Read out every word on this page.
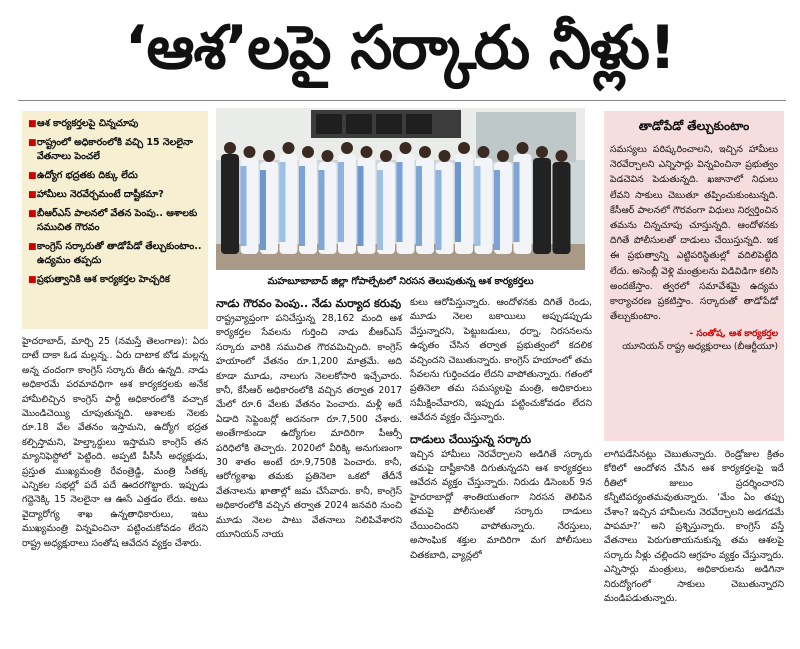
‘ఆశ’లపై సర్కారు నీళ్లు!
■ ఆశ కార్యకర్తలపై చిన్నచూపు
■ రాష్ట్రంలో అధికారంలోకి వచ్చి 15 నెలలైనా వేతనాలు పెంచలే
■ ఉద్యోగ భద్రతకు దిక్కు లేదు
■ హామీలు నెరవేర్చమంటే దాష్టీకమా?
■ బీఆర్ఎస్ పాలనలో వేతన పెంపు.. ఆశాలకు సముచిత గౌరవం
■ కాంగ్రెస్ సర్కారుతో తాడోపేడో తేల్చుకుంటాం.. ఉద్యమం తప్పదు
■ ప్రభుత్వానికి ఆశ కార్యకర్తల హెచ్చరిక	మహబూబాబాద్ జిల్లా గోపాల్పేటలో నిరసన తెలుపుతున్న ఆశ కార్యకర్తలు
హైదరాబాద్, మార్చి 25 (నమస్తే తెలంగాణ): ఏరు దాటే దాకా ఓడ మల్లన్న.. ఏరు దాటాక బోడ మల్లన్న అన్న చందంగా కాంగ్రెస్ సర్కారు తీరు ఉన్నది. నాడు అధికారమే పరమావధిగా ఆశ కార్యకర్తలకు అనేక హామీలిచ్చిన కాంగ్రెస్ పార్టీ అధికారంలోకి వచ్చాక మొండిచెయ్యి చూపుతున్నది. ఆశాలకు నెలకు రూ.18 వేల వేతనం ఇస్తామని, ఉద్యోగ భద్రత కల్పిస్తామని, హెల్త్కార్డులు ఇస్తామని కాంగ్రెస్ తన మ్యానిఫెస్టోలో పెట్టింది. అప్పటి పీసీసీ అధ్యక్షుడు, ప్రస్తుత ముఖ్యమంత్రి రేవంత్రెడ్డి, మంత్రి సీతక్క ఎన్నికల సభల్లో పదే పదే ఊదరగొట్టారు. ఇప్పుడు గద్దెనెక్కి 15 నెలలైనా ఆ ఊసే ఎత్తడం లేదు. అటు వైద్యారోగ్య శాఖ ఉన్నతాధికారులు, ఇటు ముఖ్యమంత్రి విన్నవించినా పట్టించుకోవడం లేదని రాష్ట్ర అధ్యక్షురాలు సంతోష ఆవేదన వ్యక్తం చేశారు.
నాడు గౌరవం పెంపు.. నేడు మర్యాద కరువు
రాష్ట్రవ్యాప్తంగా పనిచేస్తున్న 28,162 మంది ఆశ కార్యకర్తల సేవలను గుర్తించి నాడు బీఆర్ఎస్ సర్కారు వారికి సముచిత గౌరవమిచ్చింది. కాంగ్రెస్ హయాంలో వేతనం రూ.1,200 మాత్రమే. అది కూడా మూడు, నాలుగు నెలలకోసారి ఇచ్చేవారు. కానీ, కేసీఆర్ అధికారంలోకి వచ్చిన తర్వాత 2017 మేలో రూ.6 వేలకు వేతనం పెంచారు. మళ్లీ అదే ఏడాది సెప్టెంబర్లో అదనంగా రూ.7,500 చేశారు. అంతేగాకుండా ఉద్యోగుల మాదిరిగా పీఆర్సీ పరిధిలోకి తెచ్చారు. 2020లో వీరిక్కి అనుగుణంగా 30 శాతం అంటే రూ.9,750కి పెంచారు. కానీ, ఆరోగ్యశాఖ తమకు ప్రతినెలా ఒకటో తేదీనే వేతనాలను ఖాతాల్లో జమ చేసేవారు. కానీ, కాంగ్రెస్ అధికారంలోకి వచ్చిన తర్వాత 2024 జనవరి నుంచి మూడు నెలల పాటు వేతనాలు నిలిపివేశారని యూనియన్ నాయ
కులు ఆరోపిస్తున్నారు. ఆందోళనకు దిగితే రెండు, మూడు నెలల బకాయిలు అప్పుడప్పుడు వేస్తున్నారని, పెట్టుబడులు, ధర్నా, నిరసనలను ఉధృతం చేసిన తర్వాత ప్రభుత్వంలో కదలిక వచ్చిందని చెబుతున్నారు. కాంగ్రెస్ హయాంలో తమ సేవలను గుర్తించడం లేదని వాపోతున్నారు. గతంలో ప్రతినెలా తమ సమస్యలపై మంత్రి, అధికారులు సమీక్షించేవారని, ఇప్పుడు పట్టించుకోవడం లేదని ఆవేదన వ్యక్తం చేస్తున్నారు.
దాడులు చేయిస్తున్న సర్కారు
ఇచ్చిన హామీలు నెరవేర్చాలని అడిగితే సర్కారు తమపై దాష్టీకానికి దిగుతున్నదని ఆశ కార్యకర్తలు ఆవేదన వ్యక్తం చేస్తున్నారు. నిరుడు డిసెంబర్ 9న హైదరాబాద్లో శాంతియుతంగా నిరసన తెలిపిన తమపై పోలీసులతో సర్కారు దాడులు చేయించిందని వాపోతున్నారు. నేరస్తులు, అసాంఘిక శక్తుల మాదిరిగా మగ పోలీసులు చితకబాది, వ్యాన్లలో
తాడోపేడో తేల్చుకుంటాం
సమస్యలు పరిష్కరించాలని, ఇచ్చిన హామీలు నెరవేర్చాలని ఎన్నిసార్లు విన్నవించినా ప్రభుత్వం పెడచెవిన పెడుతున్నది. ఖజానాలో నిధులు లేవని సాకులు చెబుతూ తప్పించుకుంటున్నది. కేసీఆర్ పాలనలో గౌరవంగా విధులు నిర్వర్తించిన తమను చిన్నచూపు చూస్తున్నది. ఆందోళనకు దిగితే పోలీసులతో దాడులు చేయిస్తున్నది. ఇక ఈ ప్రభుత్వాన్ని ఎట్టిపరిస్థితుల్లో వదిలిపెట్టేది లేదు. అసెంబ్లీ వెళ్లి మంత్రులను విడివిడిగా కలిసి అందజేస్తాం. త్వరలో సమావేశమై ఉద్యమ కార్యాచరణ ప్రకటిస్తాం. సర్కారుతో తాడోపేడో తేల్చుకుంటాం.
- సంతోష, ఆశ కార్యకర్తల
యూనియన్ రాష్ట్ర అధ్యక్షురాలు (బీఆర్టీయూ)
లాగిపడేసినట్లు చెబుతున్నారు. రెండ్రోజుల క్రితం కోఠిలో ఆందోళన చేసిన ఆశ కార్యకర్తలపై ఇదే రీతిలో జులుం ప్రదర్శించారని కన్నీటిపర్యంతమవుతున్నారు. ‘మేం ఏం తప్పు చేశాం? ఇచ్చిన హామీలను నెరవేర్చాలని అడగడమే పాపమా?’ అని ప్రశ్నిస్తున్నారు. కాంగ్రెస్ వస్తే వేతనాలు పెరుగుతాయనుకున్న తమ ఆశలపై సర్కారు నీళ్లు చల్లిందని ఆగ్రహం వ్యక్తం చేస్తున్నారు. ఎన్నిసార్లు మంత్రులు, అధికారులను అడిగినా నిరుద్యోగంలో సాకులు చెబుతున్నారని మండిపడుతున్నారు.
